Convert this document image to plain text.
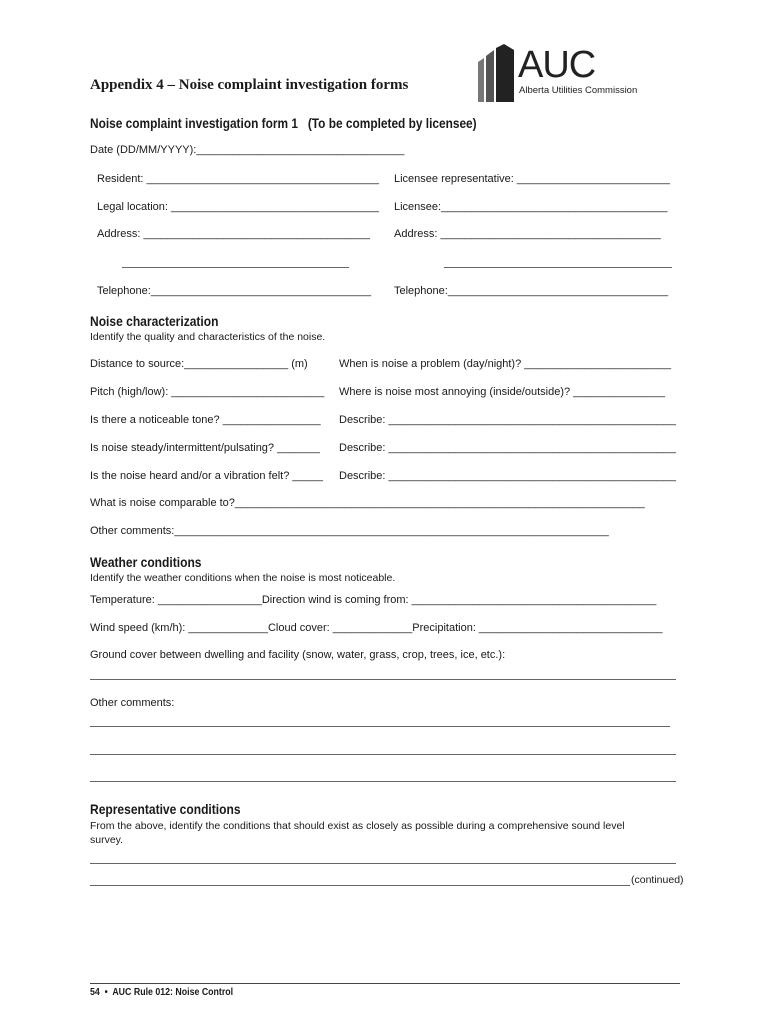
Appendix 4 – Noise complaint investigation forms	AUC
Alberta Utilities Commission
Noise complaint investigation form 1   (To be completed by licensee)
Date (DD/MM/YYYY):__________________________________
Resident: ______________________________________ Licensee representative: _________________________
Legal location: __________________________________ Licensee:_____________________________________
Address: _____________________________________ Address: ____________________________________
Telephone:____________________________________ Telephone:____________________________________
Noise characterization
Identify the quality and characteristics of the noise.
Distance to source:_________________ (m)	When is noise a problem (day/night)? ________________________
Pitch (high/low): _________________________ Where is noise most annoying (inside/outside)? _______________
Is there a noticeable tone? ________________ Describe: _______________________________________________
Is noise steady/intermittent/pulsating? _______ Describe: _______________________________________________
Is the noise heard and/or a vibration felt? _____ Describe: _______________________________________________
What is noise comparable to?___________________________________________________________________
Other comments:_______________________________________________________________________
Weather conditions
Identify the weather conditions when the noise is most noticeable.
Temperature: _________________Direction wind is coming from: ________________________________________
Wind speed (km/h): _____________Cloud cover: _____________Precipitation: ______________________________
Ground cover between dwelling and facility (snow, water, grass, crop, trees, ice, etc.):
Other comments:
Representative conditions
From the above, identify the conditions that should exist as closely as possible during a comprehensive sound level
survey.
(continued)
54  •  AUC Rule 012: Noise Control
